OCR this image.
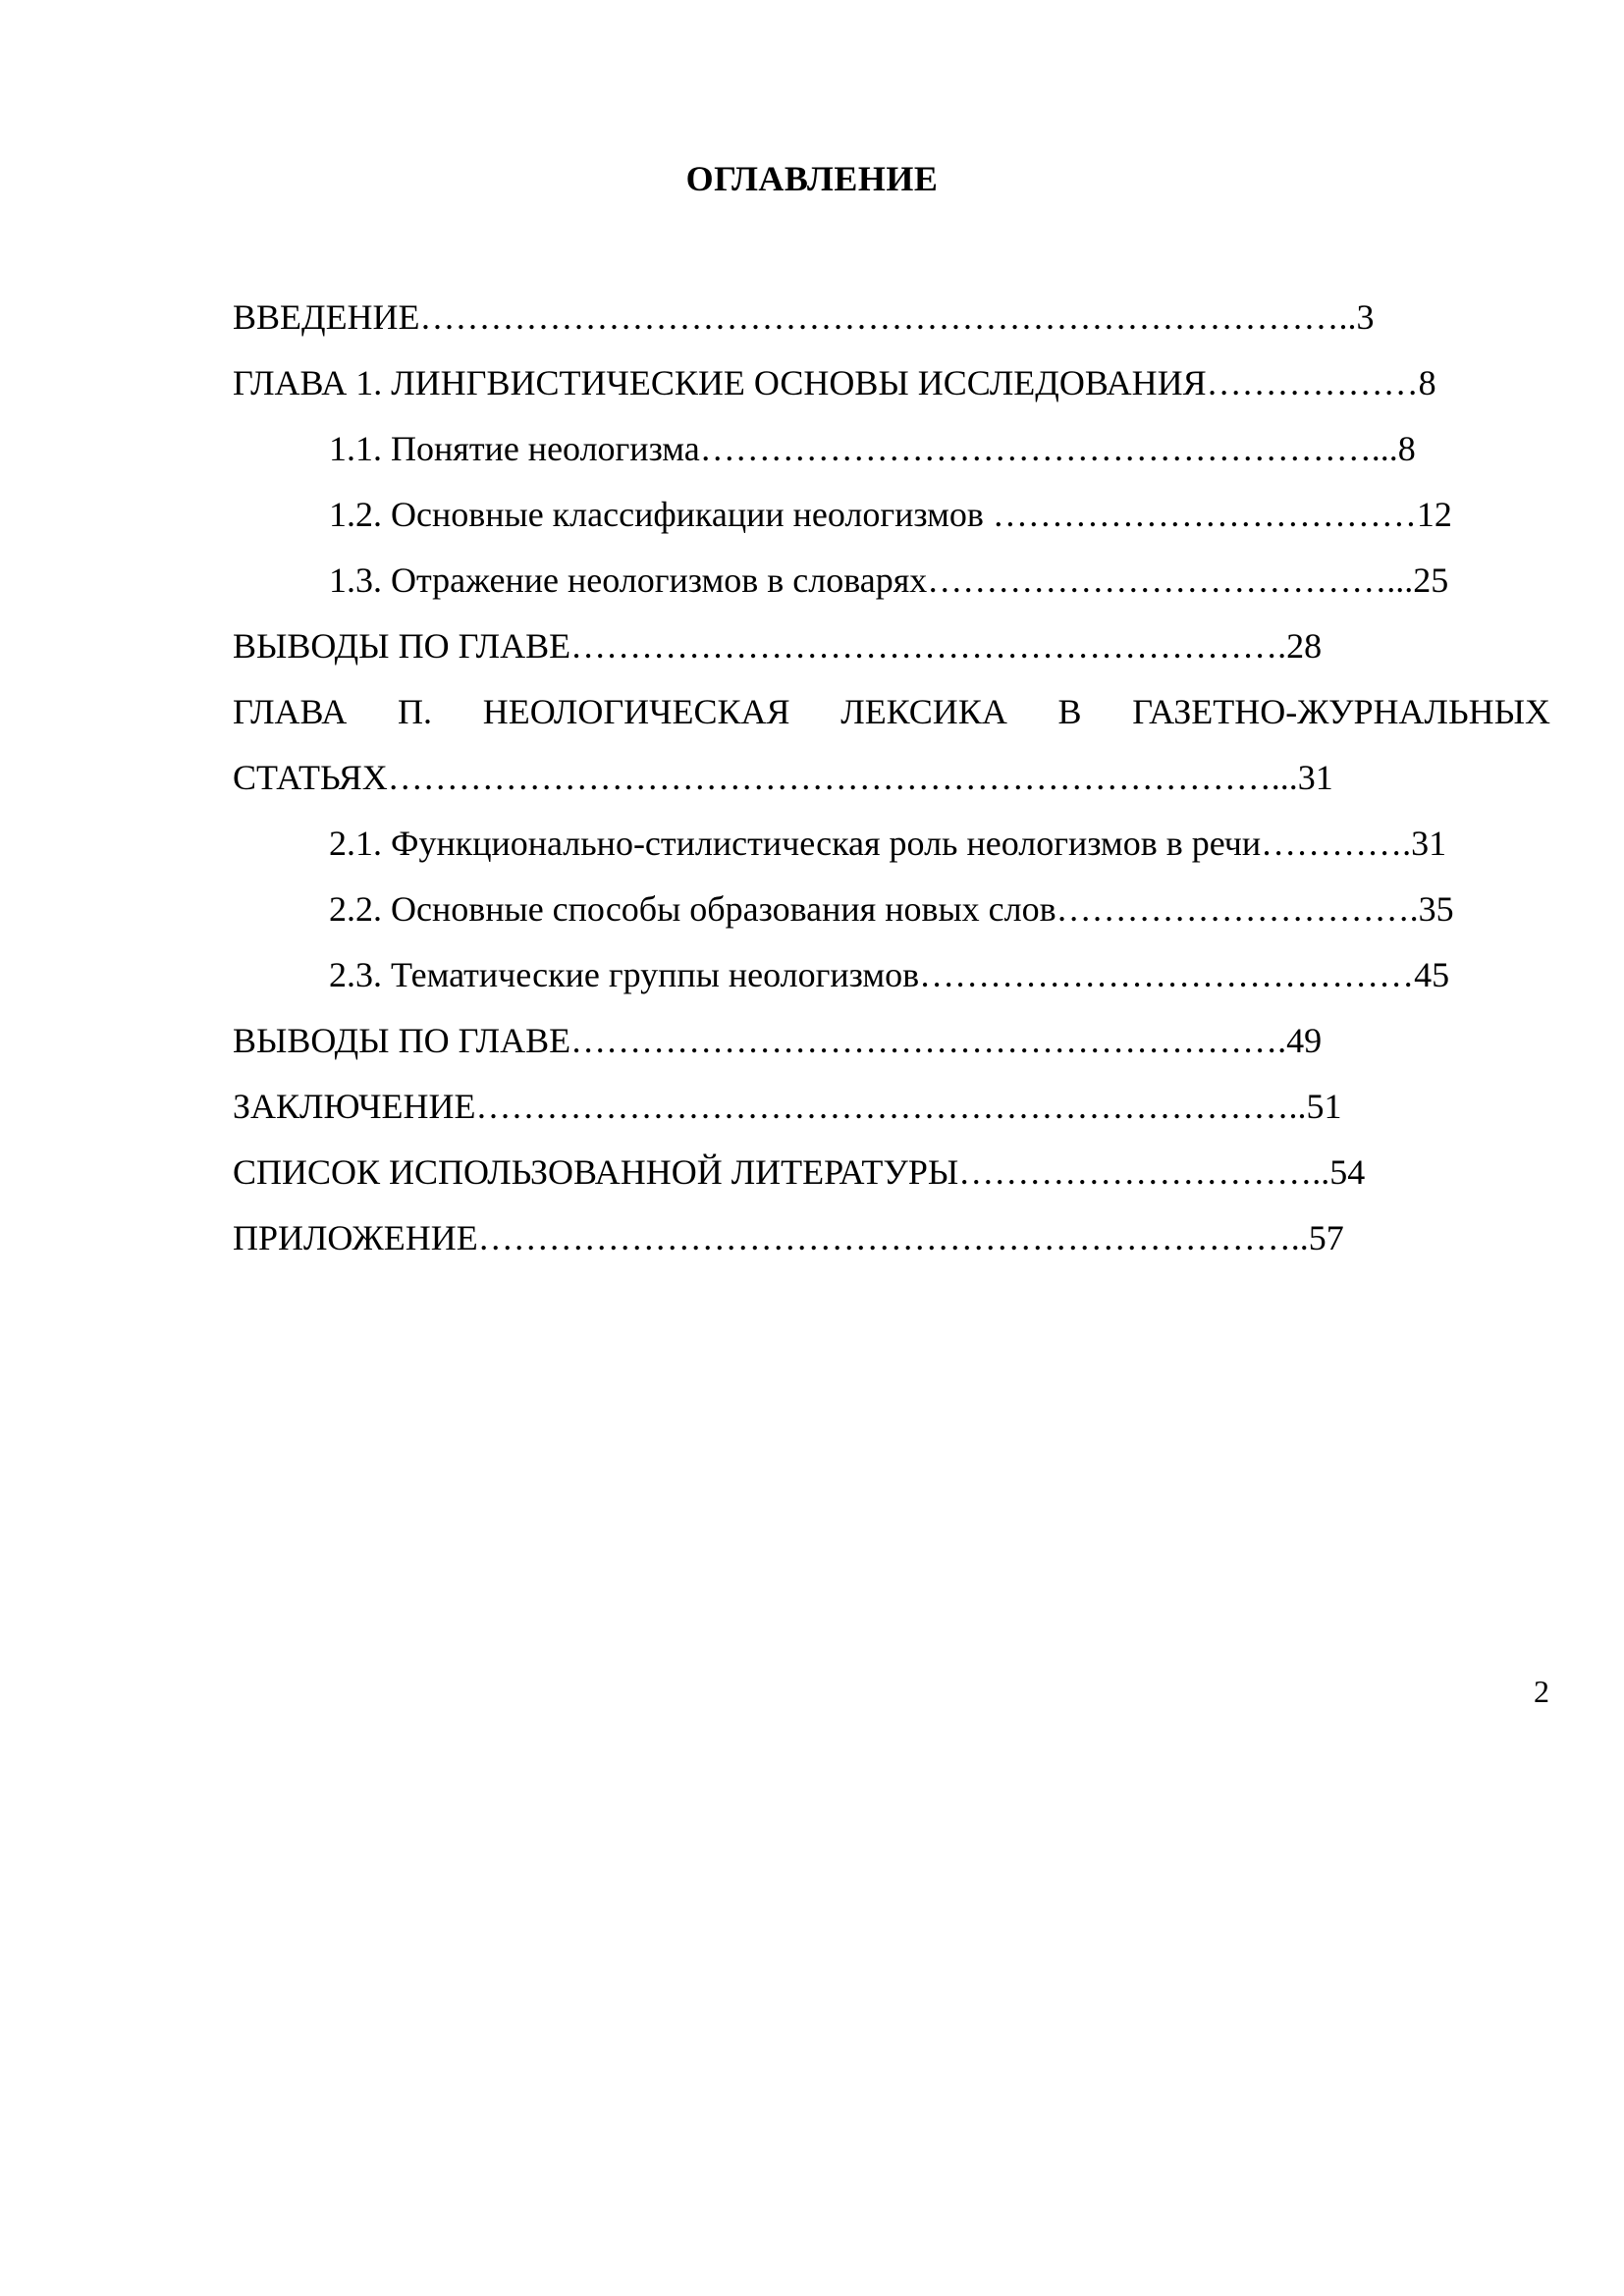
ОГЛАВЛЕНИЕ
ВВЕДЕНИЕ……………………………………………………………………..3
ГЛАВА 1. ЛИНГВИСТИЧЕСКИЕ ОСНОВЫ ИССЛЕДОВАНИЯ………………8
1.1. Понятие неологизма…………………………………………………...8
1.2. Основные классификации неологизмов ………………………………12
1.3. Отражение неологизмов в словарях…………………………………...25
ВЫВОДЫ ПО ГЛАВЕ…………………………………………………….28
ГЛАВА П. НЕОЛОГИЧЕСКАЯ ЛЕКСИКА В ГАЗЕТНО-ЖУРНАЛЬНЫХ
СТАТЬЯХ…………………………………………………………………...31
2.1. Функционально-стилистическая роль неологизмов в речи………….31
2.2. Основные способы образования новых слов………………………….35
2.3. Тематические группы неологизмов……………………………………45
ВЫВОДЫ ПО ГЛАВЕ…………………………………………………….49
ЗАКЛЮЧЕНИЕ……………………………………………………………..51
СПИСОК ИСПОЛЬЗОВАННОЙ ЛИТЕРАТУРЫ…………………………..54
ПРИЛОЖЕНИЕ……………………………………………………………..57
2
